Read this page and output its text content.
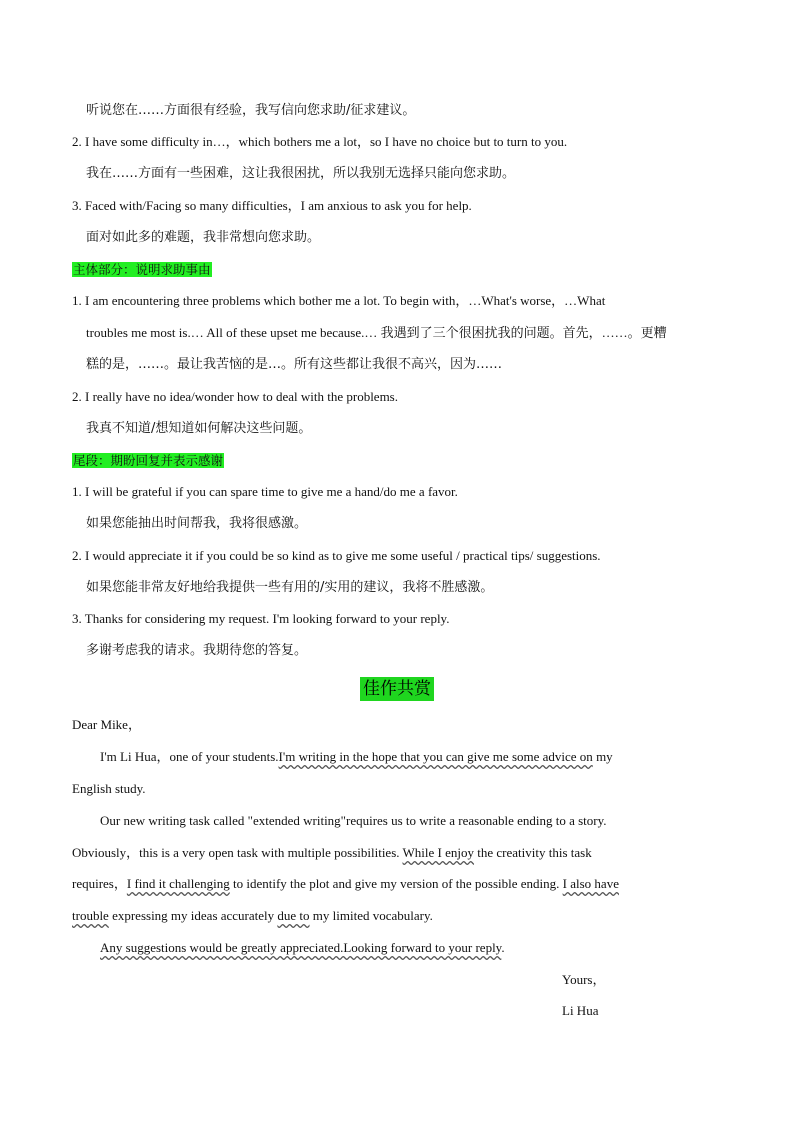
听说您在……方面很有经验，我写信向您求助/征求建议。
2. I have some difficulty in…，which bothers me a lot，so I have no choice but to turn to you.
我在……方面有一些困难，这让我很困扰，所以我别无选择只能向您求助。
3. Faced with/Facing so many difficulties，I am anxious to ask you for help.
面对如此多的难题，我非常想向您求助。
主体部分：说明求助事由
1. I am encountering three problems which bother me a lot. To begin with，…What's worse，…What
troubles me most is.… All of these upset me because.… 我遇到了三个很困扰我的问题。首先，……。更糟
糕的是，……。最让我苦恼的是…。所有这些都让我很不高兴，因为……
2. I really have no idea/wonder how to deal with the problems.
我真不知道/想知道如何解决这些问题。
尾段：期盼回复并表示感谢
1. I will be grateful if you can spare time to give me a hand/do me a favor.
如果您能抽出时间帮我，我将很感激。
2. I would appreciate it if you could be so kind as to give me some useful / practical tips/ suggestions.
如果您能非常友好地给我提供一些有用的/实用的建议，我将不胜感激。
3. Thanks for considering my request. I'm looking forward to your reply.
多谢考虑我的请求。我期待您的答复。
佳作共赏
Dear Mike，
I'm Li Hua，one of your students.I'm writing in the hope that you can give me some advice on my
English study.
Our new writing task called "extended writing"requires us to write a reasonable ending to a story.
Obviously，this is a very open task with multiple possibilities. While I enjoy the creativity this task
requires，I find it challenging to identify the plot and give my version of the possible ending. I also have
trouble expressing my ideas accurately due to my limited vocabulary.
Any suggestions would be greatly appreciated.Looking forward to your reply.
Yours，
Li Hua
